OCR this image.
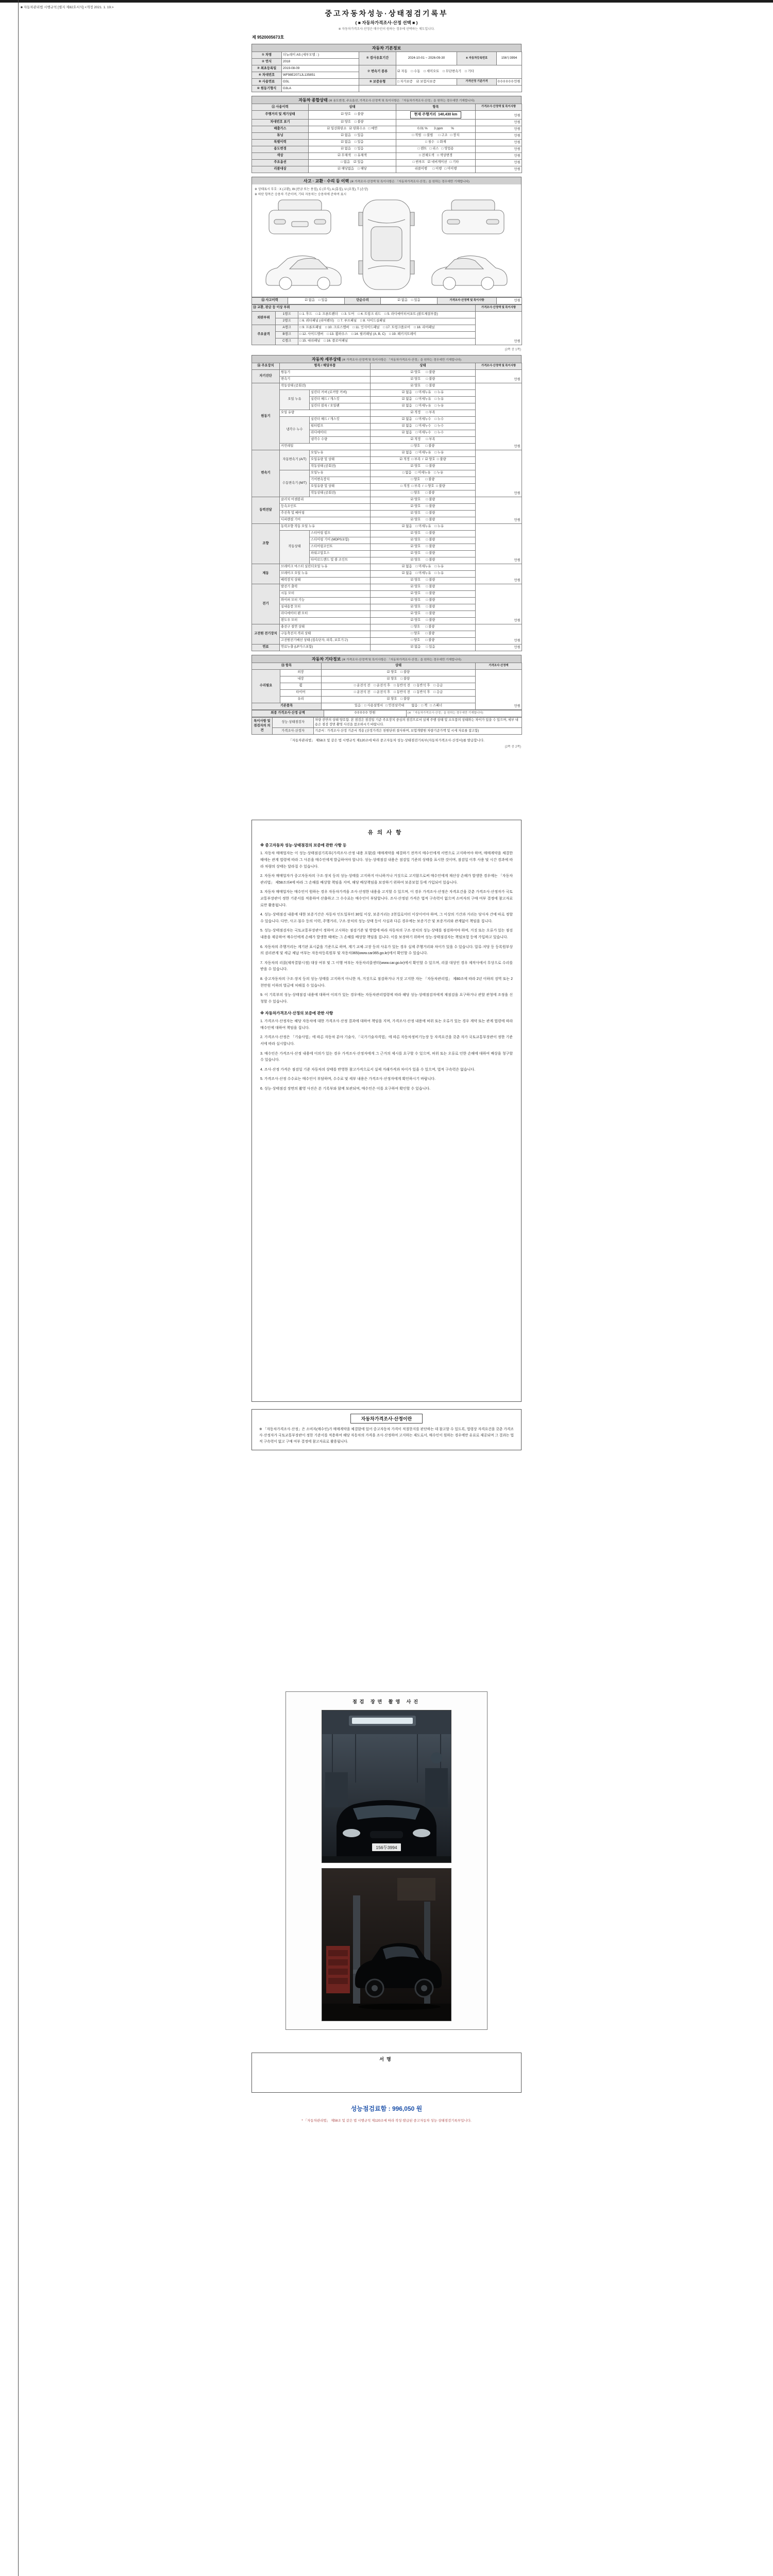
■ 자동차관리법 시행규칙 [별지 제82호서식] <개정 2021. 1. 19.>
중고자동차성능·상태점검기록부
( ■ 자동차가격조사·산정 선택 ■ )
※ 자동차가격조사·산정은 매수인이 원하는 경우에 선택하는 제도입니다.
제 9520005673호
자동차 기본정보
① 차명	더뉴레이 AS (세부모델 : )	⑤ 검사유효기간	2024-10-01 ~ 2026-09-30	⑥ 자동차등록번호	156두3994
② 연식	2018				
③ 최초등록일	2019-08-09	⑦ 변속기 종류	☑ 자동    □ 수동    □ 세미오토    □ 무단변속기    □ 기타		
④ 차대번호	WF98E2071JL135851				
⑧ 사용연료	GSL	⑨ 보증유형	□ 자가보증    ☑ 보험사보증	가격산정 기준가격	0 0 0 0 0 0 만원
⑩ 원동기형식	G3LA				
자동차 종합상태 (※ 용도변경, 주요옵션, 가격조사·산정액 및 특이사항은 「자동차가격조사·산정」을 원하는 경우에만 기재합니다)
⑪ 사용이력	상태	항목	가격조사·산정액 및 특이사항
주행거리 및 계기상태	☑ 양호    □ 불량	현재 주행거리  140,430 km	만원
차대번호 표기	☑ 양호    □ 불량		만원
배출가스	☑ 일산화탄소   ☑ 탄화수소   □ 매연	0.01 %       3 ppm         %	만원
튜닝	☑ 없음    □ 있음	□ 적법   □ 불법      □ 구조   □ 장치	만원
특별이력	☑ 없음    □ 있음	□ 침수   □ 화재	만원
용도변경	☑ 없음    □ 있음	□ 렌트   □ 리스   □ 영업용	만원
색상	☑ 무채색    □ 유채색	□ 전체도색   □ 색상변경	만원
주요옵션	□ 없음    ☑ 있음	□ 썬루프   ☑ 네비게이션   □ 기타	만원
리콜대상	☑ 해당없음    □ 해당	리콜이행      □ 이행   □ 미이행	만원
사고 · 교환 · 수리 등 이력 (※ 가격조사·산정액 및 특이사항은 「자동차가격조사·산정」을 원하는 경우에만 기재합니다)
※ 상태표시 부호 : X (교환), W (판금 또는 용접), C (부식), A (흠집), U (요철), T (손상)
※ 하단 항목은 승용차 기준이며, 기타 자동차는 승용차에 준하여 표시
⑫ 사고이력	☑ 없음    □ 있음	단순수리	☑ 없음    □ 있음	가격조사·산정액 및 특이사항	만원
⑬ 교환, 판금 등 이상 부위			가격조사·산정액 및 특이사항
외판부위	1랭크	□ 1. 후드    □ 2. 프론트펜더    □ 3. 도어    □ 4. 트렁크 리드    □ 5. 라디에이터서포트 (볼트체결부품)	만원
	2랭크	□ 6. 쿼터패널 (리어펜더)    □ 7. 루프패널    □ 8. 사이드실패널	
주요골격	A랭크	□ 9. 프론트패널    □ 10. 크로스멤버    □ 11. 인사이드패널    □ 17. 트렁크플로어    □ 18. 리어패널	
	B랭크	□ 12. 사이드멤버    □ 13. 휠하우스    □ 14. 필러패널 (A, B, C)    □ 19. 패키지트레이	
	C랭크	□ 15. 대쉬패널    □ 16. 플로어패널	
(2쪽 중 1쪽)
자동차 세부상태 (※ 가격조사·산정액 및 특이사항은 「자동차가격조사·산정」을 원하는 경우에만 기재합니다)
⑭ 주요장치	항목 / 해당부품		상태	가격조사·산정액 및 특이사항
자기진단	원동기		☑ 양호      □ 불량	만원
	변속기		☑ 양호      □ 불량	
원동기	작동상태 (공회전)		☑ 양호      □ 불량	만원
	오일 누유	실린더 커버 (로커암 커버)	☑ 없음    □ 미세누유    □ 누유	
		실린더 헤드 / 개스킷	☑ 없음    □ 미세누유    □ 누유	
		실린더 블록 / 오일팬	☑ 없음    □ 미세누유    □ 누유	
	오일 유량		☑ 적정      □ 부족	
	냉각수 누수	실린더 헤드 / 개스킷	☑ 없음    □ 미세누수    □ 누수	
		워터펌프	☑ 없음    □ 미세누수    □ 누수	
		라디에이터	☑ 없음    □ 미세누수    □ 누수	
		냉각수 수량	☑ 적정      □ 부족	
	커먼레일		□ 양호      □ 불량	
변속기	자동변속기 (A/T)	오일누유	☑ 없음    □ 미세누유    □ 누유	만원
		오일유량 및 상태	☑ 적정  □ 부족  /  ☑ 양호  □ 불량	
		작동상태 (공회전)	☑ 양호      □ 불량	
	수동변속기 (M/T)	오일누유	□ 없음    □ 미세누유    □ 누유	
		기어변속장치	□ 양호      □ 불량	
		오일유량 및 상태	□ 적정  □ 부족  /  □ 양호  □ 불량	
		작동상태 (공회전)	□ 양호      □ 불량	
동력전달	클러치 어셈블리		☑ 양호      □ 불량	만원
	등속조인트		☑ 양호      □ 불량	
	추진축 및 베어링		☑ 양호      □ 불량	
	디퍼렌셜 기어		☑ 양호      □ 불량	
조향	동력조향 작동 오일 누유		☑ 없음    □ 미세누유    □ 누유	만원
	작동상태	스티어링 펌프	☑ 양호      □ 불량	
		스티어링 기어 (MDPS포함)	☑ 양호      □ 불량	
		스티어링조인트	☑ 양호      □ 불량	
		파워고압호스	☑ 양호      □ 불량	
		타이로드엔드 및 볼 조인트	☑ 양호      □ 불량	
제동	브레이크 마스터 실린더오일 누유		☑ 없음    □ 미세누유    □ 누유	만원
	브레이크 오일 누유		☑ 없음    □ 미세누유    □ 누유	
	배력장치 상태		☑ 양호      □ 불량	
전기	발전기 출력		☑ 양호      □ 불량	만원
	시동 모터		☑ 양호      □ 불량	
	와이퍼 모터 기능		☑ 양호      □ 불량	
	실내송풍 모터		☑ 양호      □ 불량	
	라디에이터 팬 모터		☑ 양호      □ 불량	
	윈도우 모터		☑ 양호      □ 불량	
고전원 전기장치	충전구 절연 상태		□ 양호      □ 불량	만원
	구동축전지 격리 상태		□ 양호      □ 불량	
	고전원전기배선 상태 (접속단자, 피복, 보호기구)		□ 양호      □ 불량	
연료	연료누출 (LP가스포함)		☑ 없음      □ 있음	만원
자동차 기타정보 (※ 가격조사·산정액 및 특이사항은 「자동차가격조사·산정」을 원하는 경우에만 기재합니다)
⑮ 항목		상태	가격조사·산정액
수리필요	외장	☑ 양호    □ 불량	만원
	내장	☑ 양호    □ 불량	
	휠	□ 운전석 전    □ 운전석 후    □ 동반석 전    □ 동반석 후    □ 응급	
	타이어	□ 운전석 전    □ 운전석 후    □ 동반석 전    □ 동반석 후    □ 응급	
	유리	☑ 양호    □ 불량	
기본품목		있음 :  □ 사용설명서   □ 안전삼각대        없음 :  □ 잭   □ 스패너	
최종 가격조사·산정 금액	0 0 0 0 0  만원	(※ 「자동차가격조사·산정」을 원하는 경우에만 기재합니다)
특이사항 및 점검자의 의견	성능·상태점검자	차량 전반의 상태 양호함. 본 점검은 점검일 기준 주요장치 중심의 점검으로서 실제 주행 상태 및 소모품의 상태와는 차이가 있을 수 있으며, 세부 내용은 점검 장면 촬영 사진을 참조하시기 바랍니다.
	가격조사·산정자	기준서 : 가격조사·산정 기준서 적용 (산정가격은 천원단위 절사하며, 보험개발원 차량기준가액 및 시세 자료를 참고함)
「자동차관리법」 제58조 및 같은 법 시행규칙 제120조에 따라 중고자동차 성능·상태점검기록부(자동차가격조사·산정서)를 발급합니다.
(2쪽 중 2쪽)
유의사항
※ 중고자동차 성능·상태점검의 보증에 관한 사항 등
1. 자동차 매매업자는 이 성능·상태점검기록부(가격조사·산정 내용 포함)를 매매계약을 체결하기 전까지 매수인에게 서면으로 고지하여야 하며, 매매계약을 체결한 때에는 관계 법령에 따라 그 사본을 매수인에게 발급하여야 합니다. 성능·상태점검 내용은 점검일 기준의 상태를 표시한 것이며, 점검일 이후 사용 및 시간 경과에 따라 차량의 상태는 달라질 수 있습니다.
2. 자동차 매매업자가 중고자동차의 구조·장치 등의 성능·상태를 고지하지 아니하거나 거짓으로 고지함으로써 매수인에게 재산상 손해가 발생한 경우에는 「자동차관리법」 제58조의4에 따라 그 손해를 배상할 책임을 지며, 해당 배상책임을 보장하기 위하여 보증보험 등에 가입되어 있습니다.
3. 자동차 매매업자는 매수인이 원하는 경우 자동차가격을 조사·산정한 내용을 고지할 수 있으며, 이 경우 가격조사·산정은 자격요건을 갖춘 가격조사·산정자가 국토교통부장관이 정한 기준서를 적용하여 산출하고 그 수수료는 매수인이 부담합니다. 조사·산정된 가격은 법적 구속력이 없으며 소비자의 구매 여부 결정에 참고자료로만 활용됩니다.
4. 성능·상태점검 내용에 대한 보증기간은 자동차 인도일부터 30일 이상, 보증거리는 2천킬로미터 이상이어야 하며, 그 이상의 기간과 거리는 당사자 간에 따로 정할 수 있습니다. 다만, 사고·침수 등의 이력, 주행거리, 구조·장치의 성능·상태 등이 사실과 다른 경우에는 보증기간 및 보증거리와 관계없이 책임을 집니다.
5. 성능·상태점검자는 국토교통부장관이 정하여 고시하는 점검기준 및 방법에 따라 자동차의 구조·장치의 성능·상태를 점검하여야 하며, 거짓 또는 오류가 있는 점검내용을 제공하여 매수인에게 손해가 발생한 때에는 그 손해를 배상할 책임을 집니다. 이를 보장하기 위하여 성능·상태점검자는 책임보험 등에 가입하고 있습니다.
6. 자동차의 주행거리는 계기판 표시값을 기준으로 하며, 계기 교체·고장 등의 사유가 있는 경우 실제 주행거리와 차이가 있을 수 있습니다. 압류·저당 등 등록원부상의 권리관계 및 세금 체납 여부는 자동차등록원부 및 자동차365(www.car365.go.kr)에서 확인할 수 있습니다.
7. 자동차의 리콜(제작결함시정) 대상 여부 및 그 이행 여부는 자동차리콜센터(www.car.go.kr)에서 확인할 수 있으며, 리콜 대상인 경우 제작사에서 무상으로 수리를 받을 수 있습니다.
8. 중고자동차의 구조·장치 등의 성능·상태를 고지하지 아니한 자, 거짓으로 점검하거나 거짓 고지한 자는 「자동차관리법」 제80조에 따라 2년 이하의 징역 또는 2천만원 이하의 벌금에 처해질 수 있습니다.
9. 이 기록부의 성능·상태점검 내용에 대하여 이의가 있는 경우에는 자동차관리법령에 따라 해당 성능·상태점검자에게 재점검을 요구하거나 관할 관청에 조정을 신청할 수 있습니다.
※ 자동차가격조사·산정의 보증에 관한 사항
1. 가격조사·산정자는 해당 자동차에 대한 가격조사·산정 결과에 대하여 책임을 지며, 가격조사·산정 내용에 허위 또는 오류가 있는 경우 계약 또는 관계 법령에 따라 매수인에 대하여 책임을 집니다.
2. 가격조사·산정은 「기술사법」에 따른 자동차 분야 기술사, 「국가기술자격법」에 따른 자동차정비기능장 등 자격요건을 갖춘 자가 국토교통부장관이 정한 기준서에 따라 실시합니다.
3. 매수인은 가격조사·산정 내용에 이의가 있는 경우 가격조사·산정자에게 그 근거의 제시를 요구할 수 있으며, 허위 또는 오류로 인한 손해에 대하여 배상을 청구할 수 있습니다.
4. 조사·산정 가격은 점검일 기준 자동차의 상태를 반영한 참고가격으로서 실제 거래가격과 차이가 있을 수 있으며, 법적 구속력은 없습니다.
5. 가격조사·산정 수수료는 매수인이 부담하며, 수수료 및 세부 내용은 가격조사·산정자에게 확인하시기 바랍니다.
6. 성능·상태점검 장면의 촬영 사진은 본 기록부와 함께 보관되며, 매수인은 이를 요구하여 확인할 수 있습니다.
자동차가격조사·산정이란
※ 「자동차가격조사·산정」은 소비자(매수인)가 매매계약을 체결함에 있어 중고자동차 가격이 적절한지를 판단하는 데 참고할 수 있도록, 법령상 자격요건을 갖춘 가격조사·산정자가 국토교통부장관이 정한 기준서를 적용하여 해당 자동차의 가격을 조사·산정하여 고지하는 제도로서, 매수인이 원하는 경우에만 유료로 제공되며 그 결과는 법적 구속력이 없고 구매 여부 결정에 참고자료로 활용됩니다.
점검 장면 촬영 사진
156두3994
서명
성능점검료함 : 996,050 원
* 「자동차관리법」 제58조 및 같은 법 시행규칙 제120조에 따라 작성·발급된 중고자동차 성능·상태점검기록부입니다.
